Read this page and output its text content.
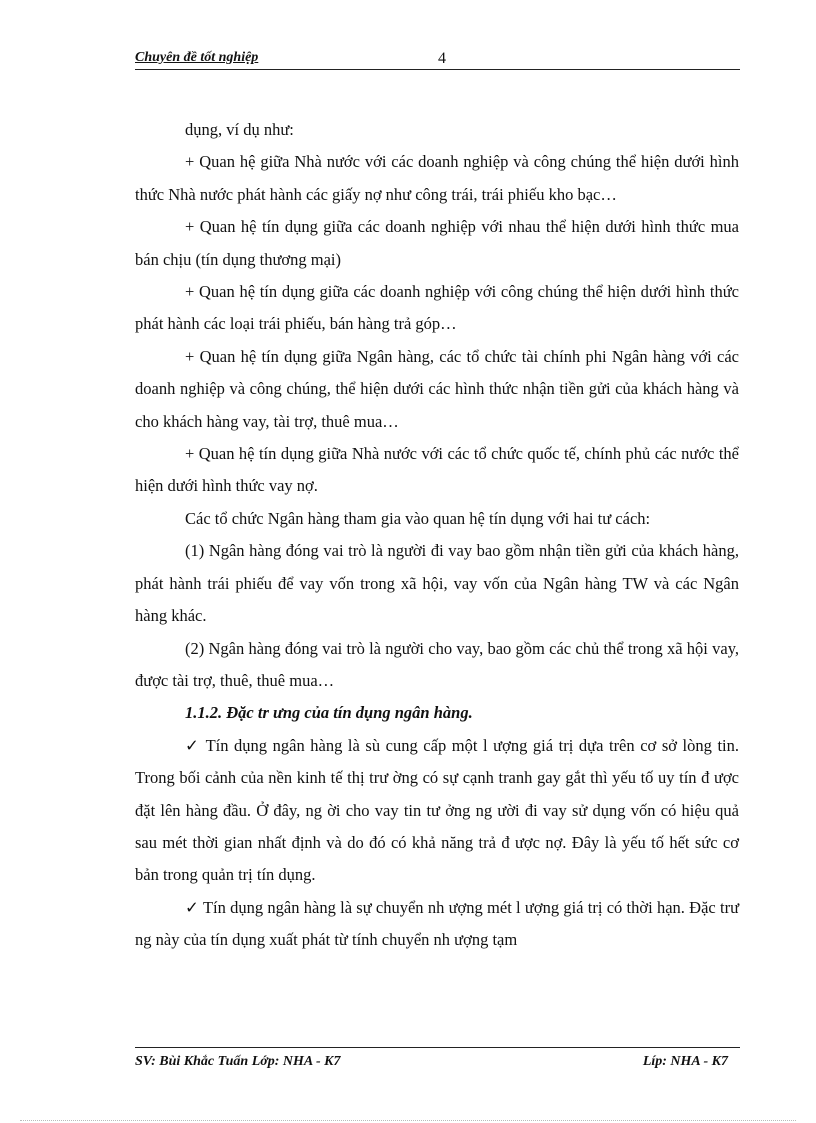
Chuyên đề tốt nghiệp	4

dụng, ví dụ như:

+ Quan hệ giữa Nhà nước với các doanh nghiệp và công chúng thể hiện dưới hình thức Nhà nước phát hành các giấy nợ như công trái, trái phiếu kho bạc…

+ Quan hệ tín dụng giữa các doanh nghiệp với nhau thể hiện dưới hình thức mua bán chịu (tín dụng thương mại)

+ Quan hệ tín dụng giữa các doanh nghiệp với công chúng thể hiện dưới hình thức phát hành các loại trái phiếu, bán hàng trả góp…

+ Quan hệ tín dụng giữa Ngân hàng, các tổ chức tài chính phi Ngân hàng với các doanh nghiệp và công chúng, thể hiện dưới các hình thức nhận tiền gửi của khách hàng và cho khách hàng vay, tài trợ, thuê mua…

+ Quan hệ tín dụng giữa Nhà nước với các tổ chức quốc tế, chính phủ các nước thể hiện dưới hình thức vay nợ.

Các tổ chức Ngân hàng tham gia vào quan hệ tín dụng với hai tư cách:

(1) Ngân hàng đóng vai trò là người đi vay bao gồm nhận tiền gửi của khách hàng, phát hành trái phiếu để vay vốn trong xã hội, vay vốn của Ngân hàng TW và các Ngân hàng khác.

(2) Ngân hàng đóng vai trò là người cho vay, bao gồm các chủ thể trong xã hội vay, được tài trợ, thuê, thuê mua…

1.1.2. Đặc tr ưng của tín dụng ngân hàng.

✓ Tín dụng ngân hàng là sù cung cấp một l ượng giá trị dựa trên cơ sở lòng tin. Trong bối cảnh của nền kinh tế thị trư ờng có sự cạnh tranh gay gắt thì yếu tố uy tín đ ược đặt lên hàng đầu. Ở đây, ng ời cho vay tin tư ởng ng ười đi vay sử dụng vốn có hiệu quả sau mét thời gian nhất định và do đó có khả năng trả đ ược nợ. Đây là yếu tố hết sức cơ bản trong quản trị tín dụng.

✓ Tín dụng ngân hàng là sự chuyển nh ượng mét l ượng giá trị có thời hạn. Đặc trư ng này của tín dụng xuất phát từ tính chuyển nh ượng tạm

SV: Bùi Khắc Tuấn Lớp: NHA - K7	Líp: NHA - K7
